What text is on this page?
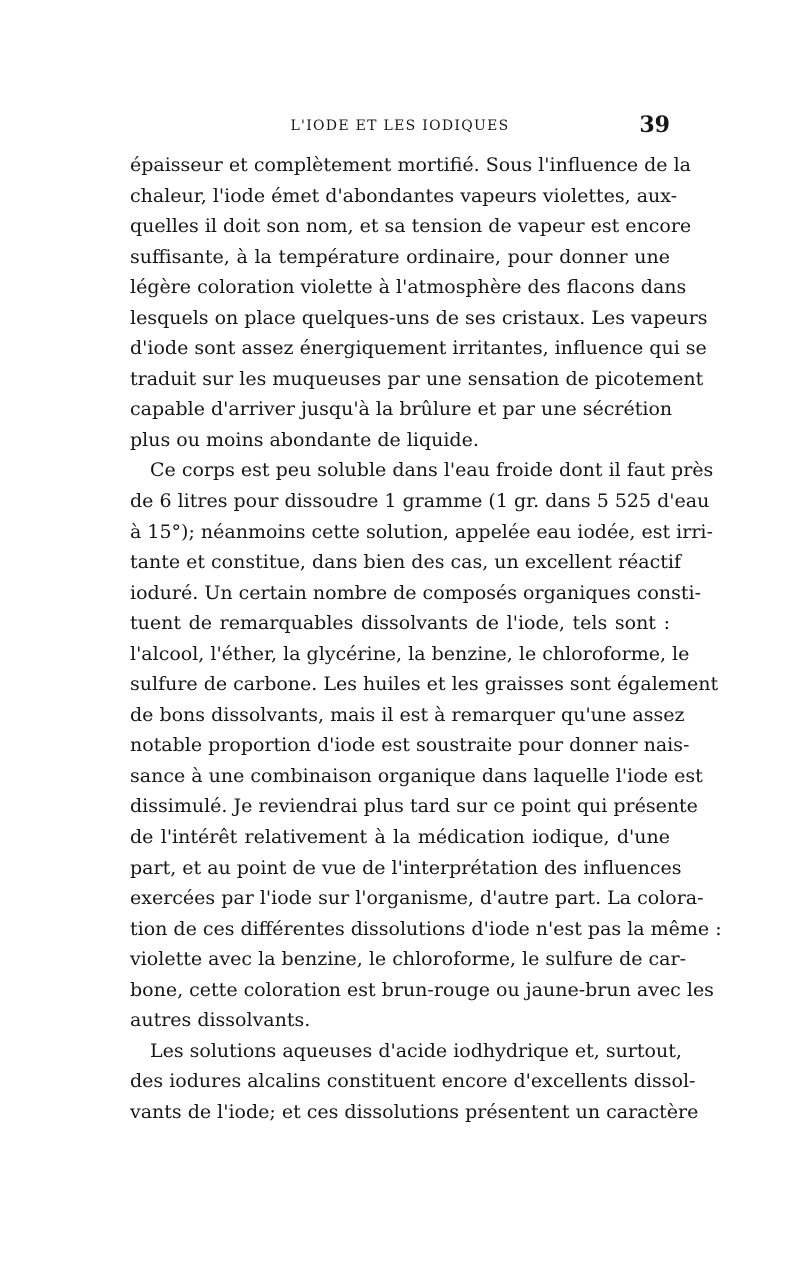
L'IODE ET LES IODIQUES	39
épaisseur et complètement mortifié. Sous l'influence de la
chaleur, l'iode émet d'abondantes vapeurs violettes, aux-
quelles il doit son nom, et sa tension de vapeur est encore
suffisante, à la température ordinaire, pour donner une
légère coloration violette à l'atmosphère des flacons dans
lesquels on place quelques-uns de ses cristaux. Les vapeurs
d'iode sont assez énergiquement irritantes, influence qui se
traduit sur les muqueuses par une sensation de picotement
capable d'arriver jusqu'à la brûlure et par une sécrétion
plus ou moins abondante de liquide.
Ce corps est peu soluble dans l'eau froide dont il faut près
de 6 litres pour dissoudre 1 gramme (1 gr. dans 5 525 d'eau
à 15°); néanmoins cette solution, appelée eau iodée, est irri-
tante et constitue, dans bien des cas, un excellent réactif
ioduré. Un certain nombre de composés organiques consti-
tuent de remarquables dissolvants de l'iode, tels sont :
l'alcool, l'éther, la glycérine, la benzine, le chloroforme, le
sulfure de carbone. Les huiles et les graisses sont également
de bons dissolvants, mais il est à remarquer qu'une assez
notable proportion d'iode est soustraite pour donner nais-
sance à une combinaison organique dans laquelle l'iode est
dissimulé. Je reviendrai plus tard sur ce point qui présente
de l'intérêt relativement à la médication iodique, d'une
part, et au point de vue de l'interprétation des influences
exercées par l'iode sur l'organisme, d'autre part. La colora-
tion de ces différentes dissolutions d'iode n'est pas la même :
violette avec la benzine, le chloroforme, le sulfure de car-
bone, cette coloration est brun-rouge ou jaune-brun avec les
autres dissolvants.
Les solutions aqueuses d'acide iodhydrique et, surtout,
des iodures alcalins constituent encore d'excellents dissol-
vants de l'iode; et ces dissolutions présentent un caractère
